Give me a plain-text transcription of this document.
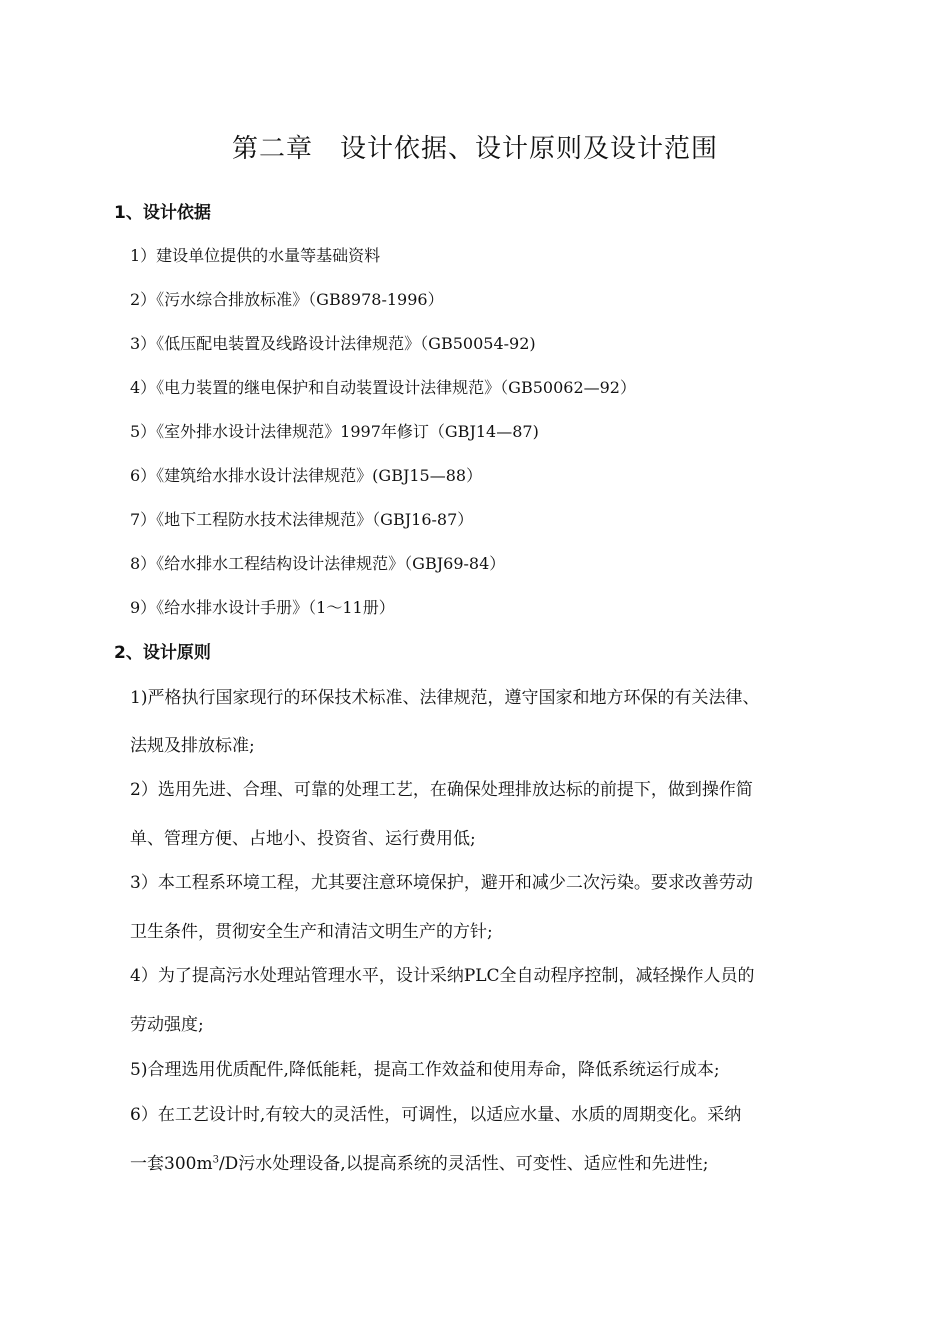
第二章　设计依据、设计原则及设计范围
1、设计依据
1）建设单位提供的水量等基础资料
2）《污水综合排放标准》（GB8978-1996）
3）《低压配电装置及线路设计法律规范》（GB50054-92)
4）《电力装置的继电保护和自动装置设计法律规范》（GB50062—92）
5）《室外排水设计法律规范》1997年修订（GBJ14—87)
6）《建筑给水排水设计法律规范》(GBJ15—88）
7）《地下工程防水技术法律规范》（GBJ16-87）
8）《给水排水工程结构设计法律规范》（GBJ69-84）
9）《给水排水设计手册》（1～11册）
2、设计原则
1)严格执行国家现行的环保技术标准、法律规范，遵守国家和地方环保的有关法律、
法规及排放标准;
2）选用先进、合理、可靠的处理工艺，在确保处理排放达标的前提下，做到操作简
单、管理方便、占地小、投资省、运行费用低;
3）本工程系环境工程，尤其要注意环境保护，避开和减少二次污染。要求改善劳动
卫生条件，贯彻安全生产和清洁文明生产的方针;
4）为了提高污水处理站管理水平，设计采纳PLC全自动程序控制，减轻操作人员的
劳动强度;
5)合理选用优质配件,降低能耗，提高工作效益和使用寿命，降低系统运行成本;
6）在工艺设计时,有较大的灵活性，可调性，以适应水量、水质的周期变化。采纳
一套$300m^3/D$污水处理设备,以提高系统的灵活性、可变性、适应性和先进性;
